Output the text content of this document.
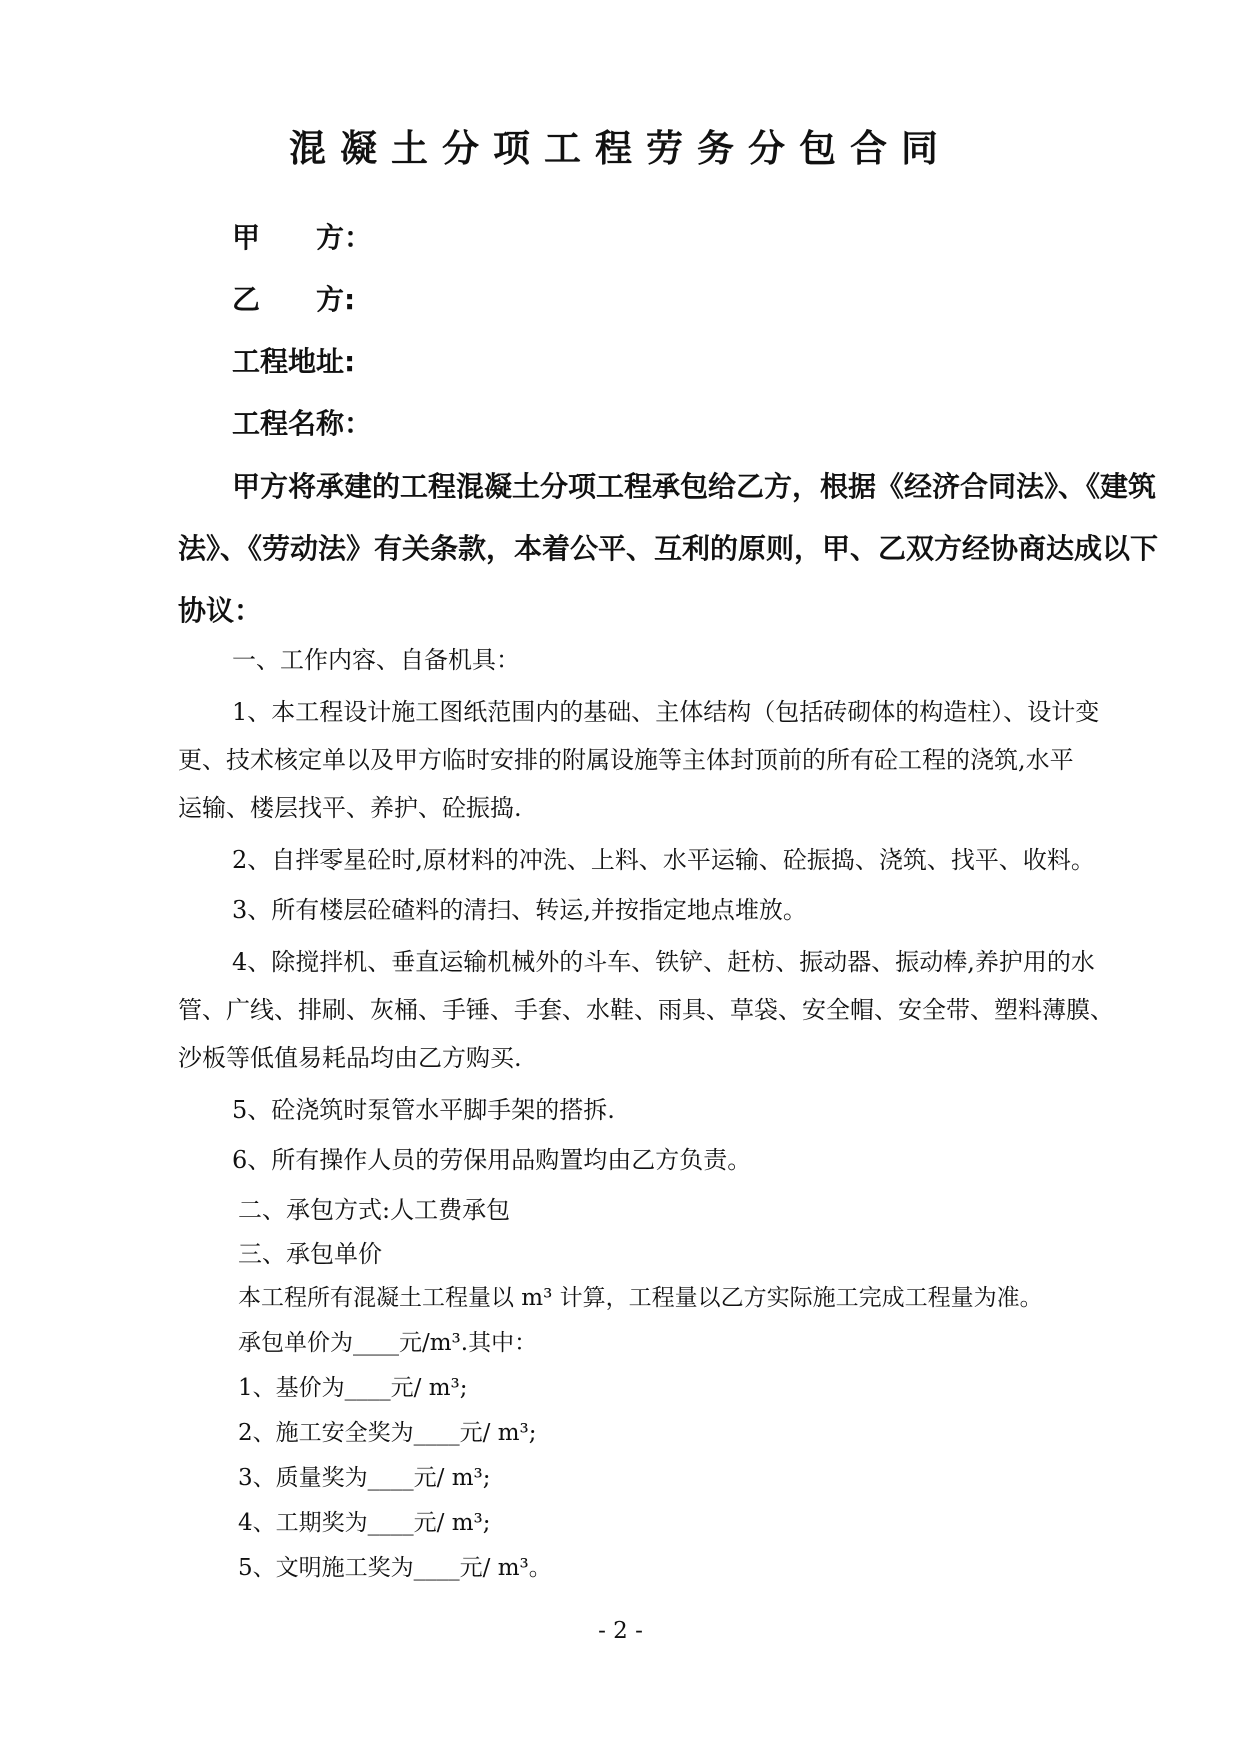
混凝土分项工程劳务分包合同
甲　　方：
乙　　方:
工程地址:
工程名称：
甲方将承建的工程混凝土分项工程承包给乙方，根据《经济合同法》、《建筑
法》、《劳动法》有关条款，本着公平、互利的原则，甲、乙双方经协商达成以下
协议：
一、工作内容、自备机具：
1、本工程设计施工图纸范围内的基础、主体结构（包括砖砌体的构造柱）、设计变
更、技术核定单以及甲方临时安排的附属设施等主体封顶前的所有砼工程的浇筑,水平
运输、楼层找平、养护、砼振捣.
2、自拌零星砼时,原材料的冲洗、上料、水平运输、砼振捣、浇筑、找平、收料。
3、所有楼层砼碴料的清扫、转运,并按指定地点堆放。
4、除搅拌机、垂直运输机械外的斗车、铁铲、赶枋、振动器、振动棒,养护用的水
管、广线、排刷、灰桶、手锤、手套、水鞋、雨具、草袋、安全帽、安全带、塑料薄膜、
沙板等低值易耗品均由乙方购买.
5、砼浇筑时泵管水平脚手架的搭拆.
6、所有操作人员的劳保用品购置均由乙方负责。
二、承包方式:人工费承包
三、承包单价
本工程所有混凝土工程量以 m³ 计算，工程量以乙方实际施工完成工程量为准。
承包单价为____元/m³.其中：
1、基价为____元/ m³;
2、施工安全奖为____元/ m³;
3、质量奖为____元/ m³;
4、工期奖为____元/ m³;
5、文明施工奖为____元/ m³。
- 2 -
